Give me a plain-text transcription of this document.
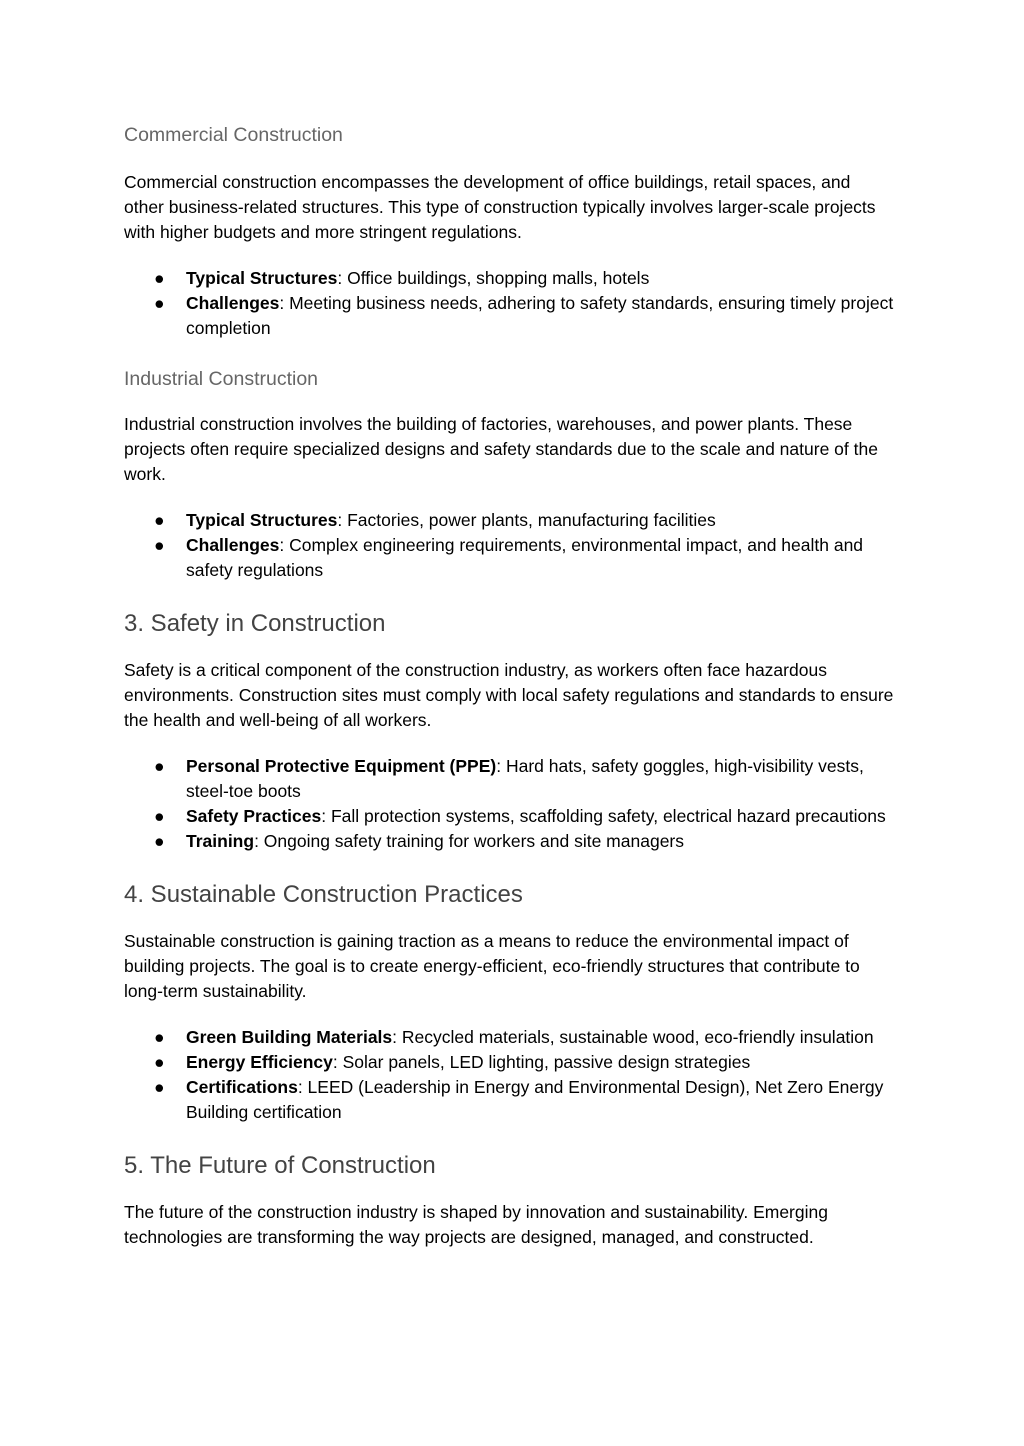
Commercial Construction

Commercial construction encompasses the development of office buildings, retail spaces, and other business-related structures. This type of construction typically involves larger-scale projects with higher budgets and more stringent regulations.

● Typical Structures: Office buildings, shopping malls, hotels
● Challenges: Meeting business needs, adhering to safety standards, ensuring timely project completion
Industrial Construction

Industrial construction involves the building of factories, warehouses, and power plants. These projects often require specialized designs and safety standards due to the scale and nature of the work.

● Typical Structures: Factories, power plants, manufacturing facilities
● Challenges: Complex engineering requirements, environmental impact, and health and safety regulations
3. Safety in Construction

Safety is a critical component of the construction industry, as workers often face hazardous environments. Construction sites must comply with local safety regulations and standards to ensure the health and well-being of all workers.

● Personal Protective Equipment (PPE): Hard hats, safety goggles, high-visibility vests, steel-toe boots
● Safety Practices: Fall protection systems, scaffolding safety, electrical hazard precautions
● Training: Ongoing safety training for workers and site managers
4. Sustainable Construction Practices

Sustainable construction is gaining traction as a means to reduce the environmental impact of building projects. The goal is to create energy-efficient, eco-friendly structures that contribute to long-term sustainability.

● Green Building Materials: Recycled materials, sustainable wood, eco-friendly insulation
● Energy Efficiency: Solar panels, LED lighting, passive design strategies
● Certifications: LEED (Leadership in Energy and Environmental Design), Net Zero Energy Building certification
5. The Future of Construction

The future of the construction industry is shaped by innovation and sustainability. Emerging technologies are transforming the way projects are designed, managed, and constructed.
